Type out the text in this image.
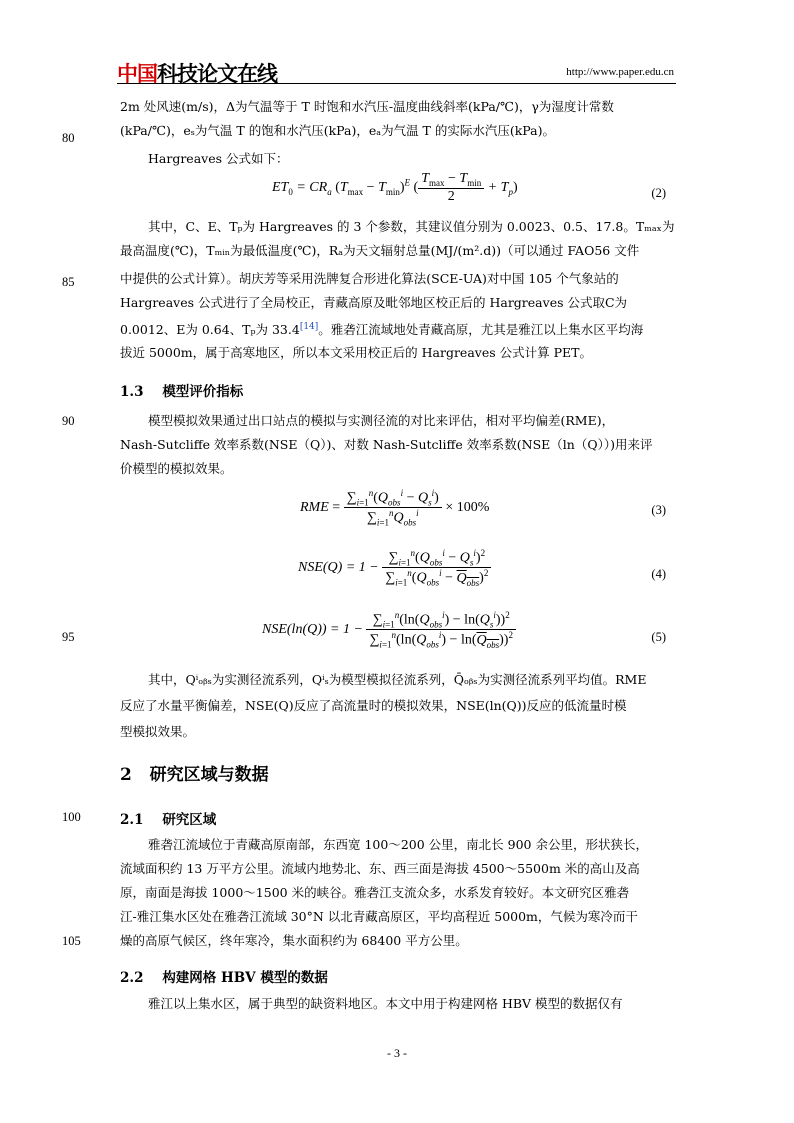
中国科技论文在线	http://www.paper.edu.cn
80
85
90
95
100
105
2m 处风速(m/s)，Δ为气温等于 T 时饱和水汽压-温度曲线斜率(kPa/℃)，γ为湿度计常数
(kPa/℃)，eₛ为气温 T 的饱和水汽压(kPa)，eₐ为气温 T 的实际水汽压(kPa)。
Hargreaves 公式如下：
$ET_0 = CR_a$ $(T_{max} - T_{min})^E$ ( $\frac{T_{max} - T_{min}}{2} + T_p$)	(2)
其中，C、E、Tₚ为 Hargreaves 的 3 个参数，其建议值分别为 0.0023、0.5、17.8。Tₘₐₓ为
最高温度(℃)，Tₘᵢₙ为最低温度(℃)，Rₐ为天文辐射总量(MJ/(m².d))（可以通过 FAO56 文件
中提供的公式计算）。胡庆芳等采用洗牌复合形进化算法(SCE-UA)对中国 105 个气象站的
Hargreaves 公式进行了全局校正，青藏高原及毗邻地区校正后的 Hargreaves 公式取C为
0.0012、E为 0.64、Tₚ为 33.4[14]。雅砻江流域地处青藏高原，尤其是雅江以上集水区平均海
拔近 5000m，属于高寒地区，所以本文采用校正后的 Hargreaves 公式计算 PET。
1.3 模型评价指标
模型模拟效果通过出口站点的模拟与实测径流的对比来评估，相对平均偏差(RME)，
Nash-Sutcliffe 效率系数(NSE（Q）)、对数 Nash-Sutcliffe 效率系数(NSE（ln（Q））)用来评
价模型的模拟效果。
RME = $\frac{\sum_{i=1}^n(Q_{obs}^i - Q_s^i)}{\sum_{i=1}^nQ_{obs}^i} \times 100\%$	(3)
$NSE(Q) = 1 - \frac{\sum_{i=1}^n(Q_{obs}^i - Q_s^i)^2}{\sum_{i=1}^n(Q_{obs}^i - Q_{obs})^2}$	(4)
$NSE(\ln(Q)) = 1 - \frac{\sum_{i=1}^n(\ln(Q_{obs}^i) - \ln(Q_s^i))^2}{\sum_{i=1}^n(\ln(Q_{obs}^i) - \ln(Q_{obs}))^2}$	(5)
其中，Qⁱₒᵦₛ为实测径流系列，Qⁱₛ为模型模拟径流系列，Q̄ₒᵦₛ为实测径流系列平均值。RME
反应了水量平衡偏差，NSE(Q)反应了高流量时的模拟效果，NSE(ln(Q))反应的低流量时模
型模拟效果。
2 研究区域与数据
2.1 研究区域
雅砻江流域位于青藏高原南部，东西宽 100～200 公里，南北长 900 余公里，形状狭长，
流域面积约 13 万平方公里。流域内地势北、东、西三面是海拔 4500～5500m 米的高山及高
原，南面是海拔 1000～1500 米的峡谷。雅砻江支流众多，水系发育较好。本文研究区雅砻
江-雅江集水区处在雅砻江流域 30°N 以北青藏高原区，平均高程近 5000m，气候为寒冷而干
燥的高原气候区，终年寒冷，集水面积约为 68400 平方公里。
2.2 构建网格 HBV 模型的数据
雅江以上集水区，属于典型的缺资料地区。本文中用于构建网格 HBV 模型的数据仅有
- 3 -
